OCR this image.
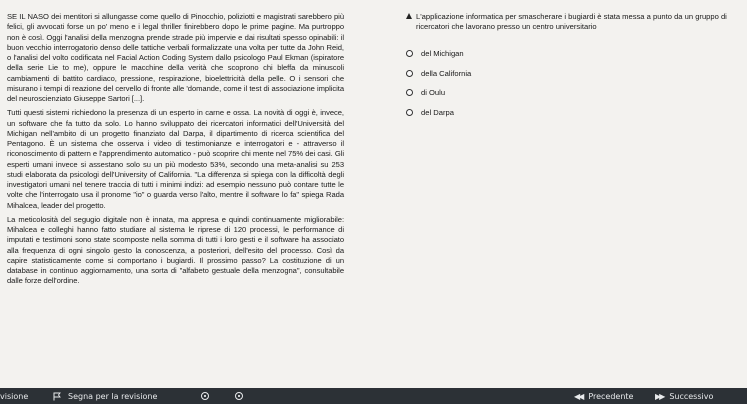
SE IL NASO dei mentitori si allungasse come quello di Pinocchio, poliziotti e magistrati sarebbero più felici, gli avvocati forse un po' meno e i legal thriller finirebbero dopo le prime pagine. Ma purtroppo non è così. Oggi l'analisi della menzogna prende strade più impervie e dai risultati spesso opinabili: il buon vecchio interrogatorio denso delle tattiche verbali formalizzate una volta per tutte da John Reid, o l'analisi del volto codificata nel Facial Action Coding System dallo psicologo Paul Ekman (ispiratore della serie Lie to me), oppure le macchine della verità che scoprono chi bleffa da minuscoli cambiamenti di battito cardiaco, pressione, respirazione, bioelettricità della pelle. O i sensori che misurano i tempi di reazione del cervello di fronte alle 'domande, come il test di associazione implicita del neuroscienziato Giuseppe Sartori [...].

Tutti questi sistemi richiedono la presenza di un esperto in carne e ossa. La novità di oggi è, invece, un software che fa tutto da solo. Lo hanno sviluppato dei ricercatori informatici dell'Università del Michigan nell'ambito di un progetto finanziato dal Darpa, il dipartimento di ricerca scientifica del Pentagono. È un sistema che osserva i video di testimonianze e interrogatori e - attraverso il riconoscimento di pattern e l'apprendimento automatico - può scoprire chi mente nel 75% dei casi. Gli esperti umani invece si assestano solo su un più modesto 53%, secondo una meta-analisi su 253 studi elaborata da psicologi dell'University of California. "La differenza si spiega con la difficoltà degli investigatori umani nel tenere traccia di tutti i minimi indizi: ad esempio nessuno può contare tutte le volte che l'interrogato usa il pronome "io" o guarda verso l'alto, mentre il software lo fa" spiega Rada Mihalcea, leader del progetto.

La meticolosità del segugio digitale non è innata, ma appresa e quindi continuamente migliorabile: Mihalcea e colleghi hanno fatto studiare al sistema le riprese di 120 processi, le performance di imputati e testimoni sono state scomposte nella somma di tutti i loro gesti e il software ha associato alla frequenza di ogni singolo gesto la conoscenza, a posteriori, dell'esito del processo. Così da capire statisticamente come si comportano i bugiardi. Il prossimo passo? La costituzione di un database in continuo aggiornamento, una sorta di "alfabeto gestuale della menzogna", consultabile dalle forze dell'ordine.

L'applicazione informatica per smascherare i bugiardi è stata messa a punto da un gruppo di ricercatori che lavorano presso un centro universitario
del Michigan
della California
di Oulu
del Darpa
visione	Segna per la revisione	◀◀ Precedente	▶▶ Successivo
